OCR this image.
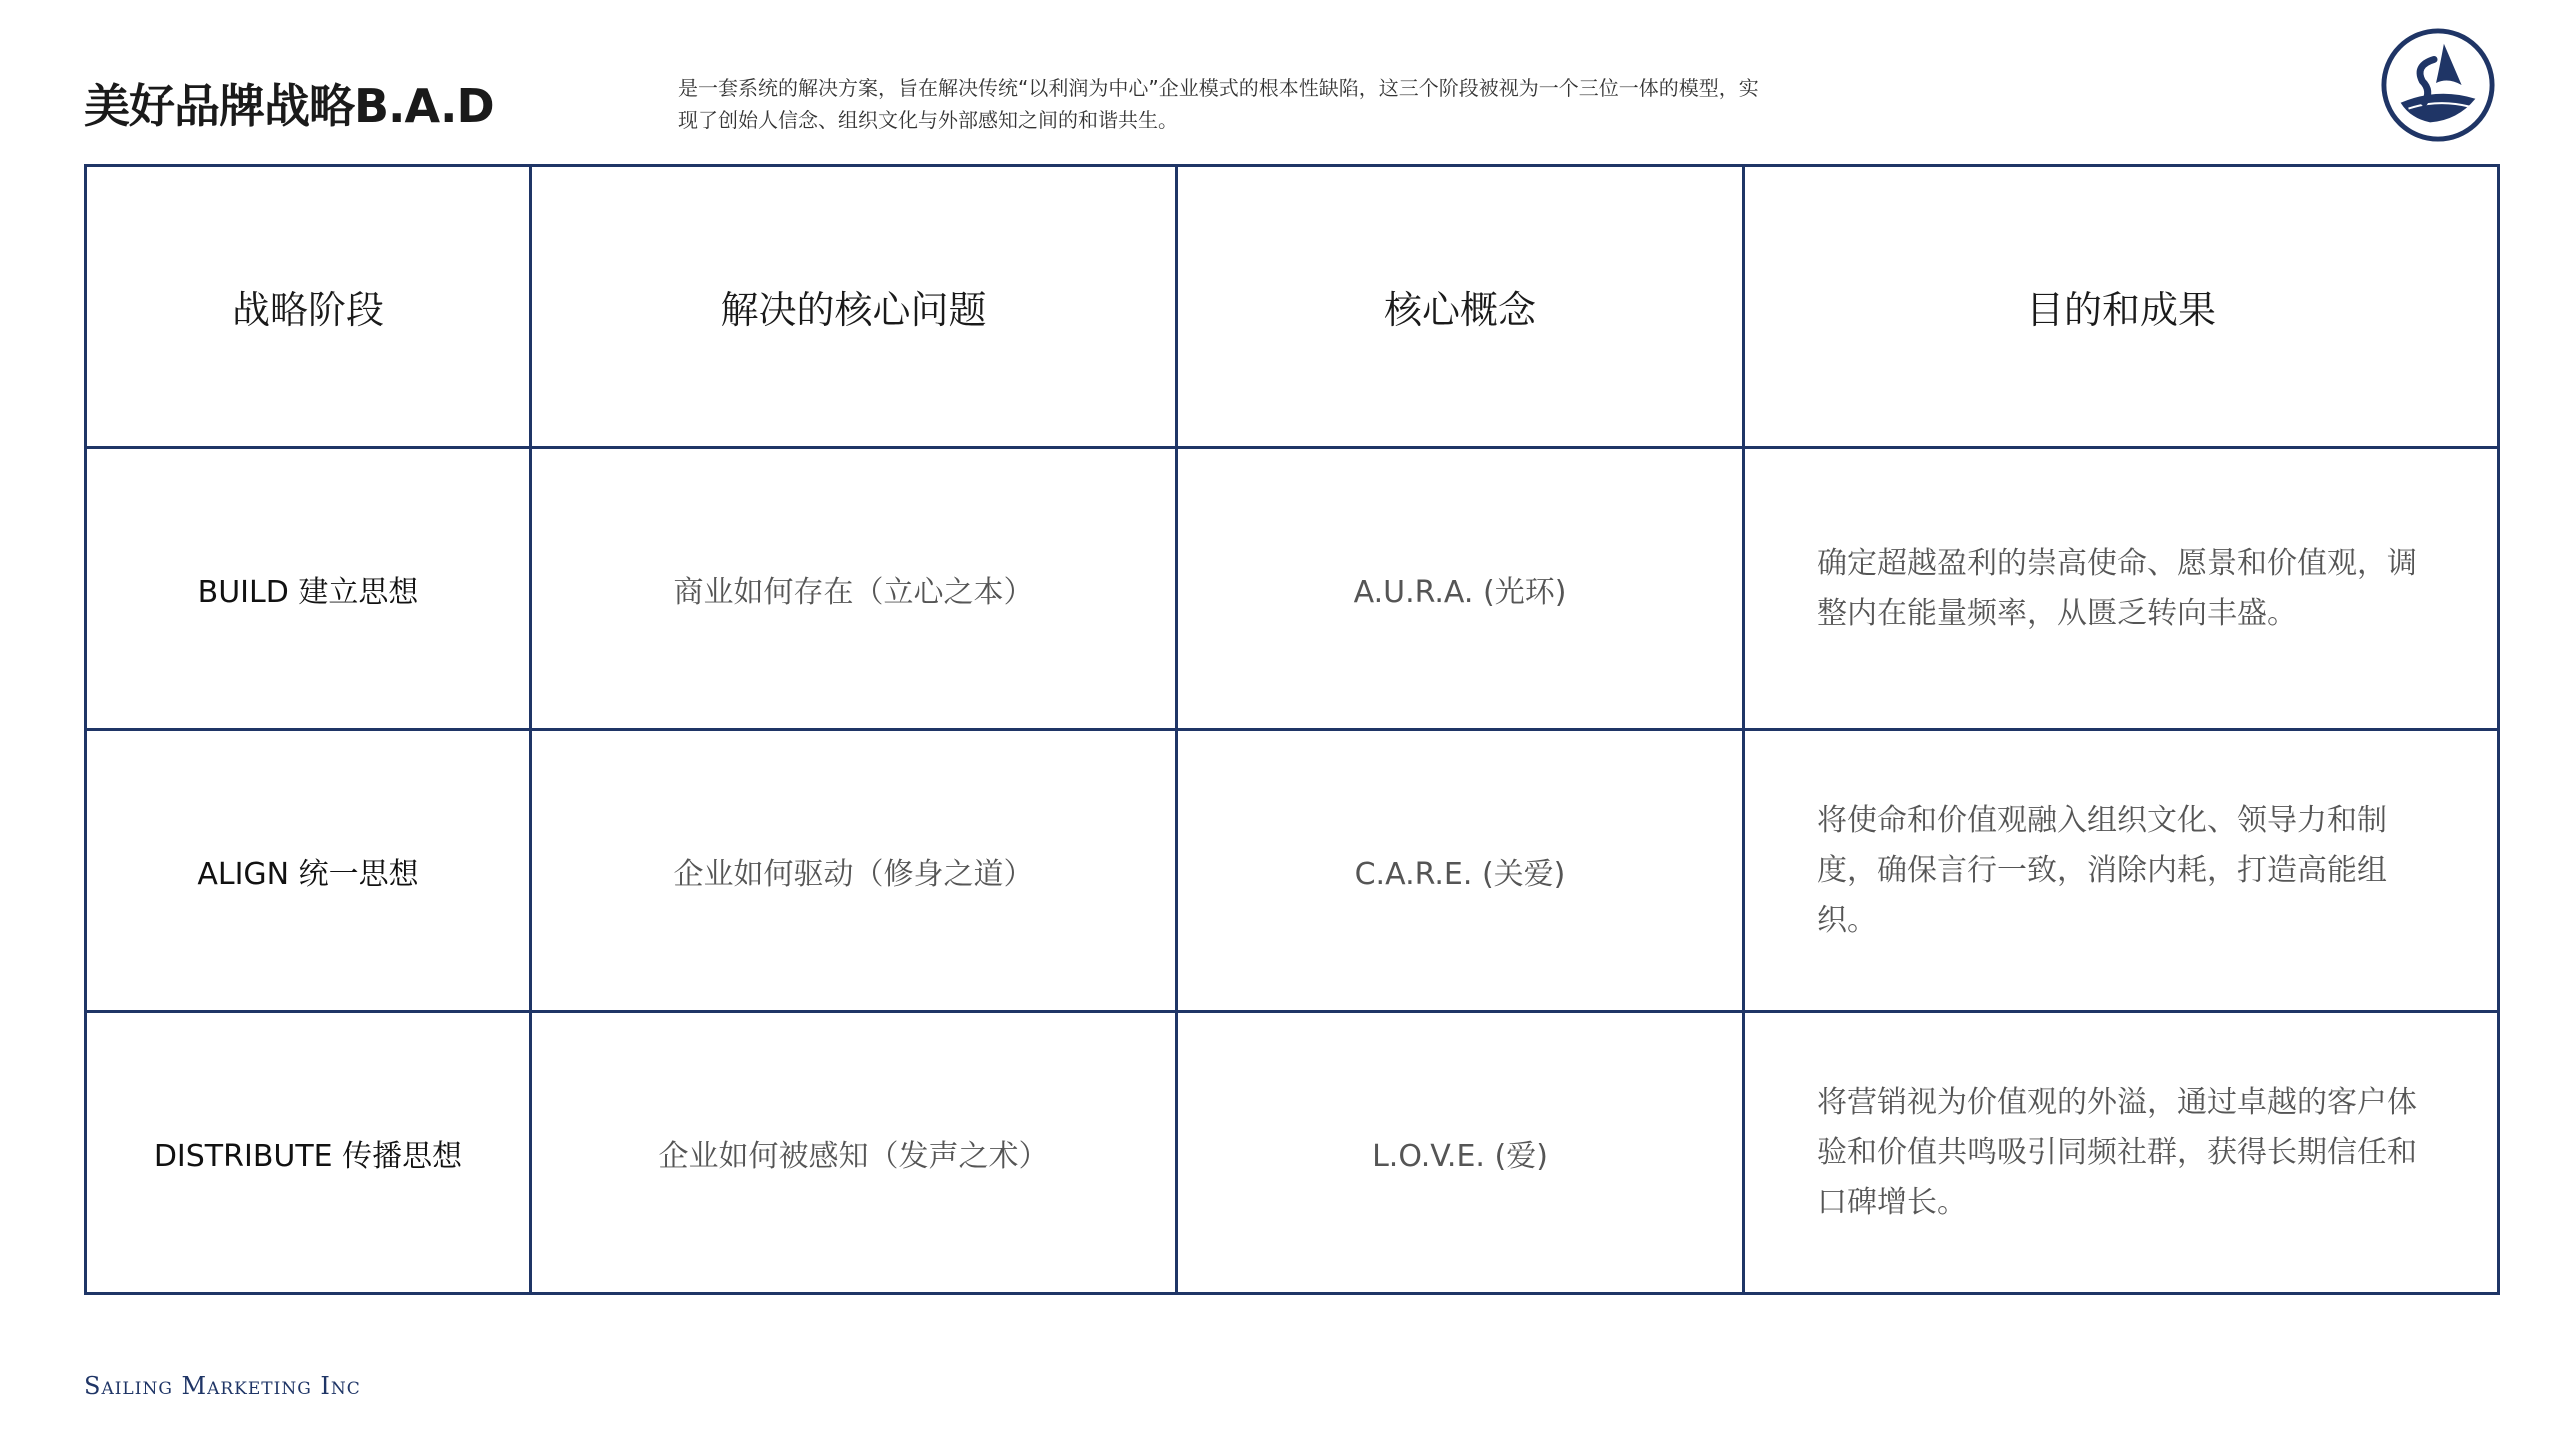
美好品牌战略B.A.D	是一套系统的解决方案，旨在解决传统“以利润为中心”企业模式的根本性缺陷，这三个阶段被视为一个三位一体的模型，实现了创始人信念、组织文化与外部感知之间的和谐共生。
战略阶段	解决的核心问题	核心概念	目的和成果
BUILD 建立思想	商业如何存在（立心之本）	A.U.R.A. (光环)	确定超越盈利的崇高使命、愿景和价值观，调整内在能量频率，从匮乏转向丰盛。
ALIGN 统一思想	企业如何驱动（修身之道）	C.A.R.E. (关爱)	将使命和价值观融入组织文化、领导力和制度，确保言行一致，消除内耗，打造高能组织。
DISTRIBUTE 传播思想	企业如何被感知（发声之术）	L.O.V.E. (爱)	将营销视为价值观的外溢，通过卓越的客户体验和价值共鸣吸引同频社群，获得长期信任和口碑增长。
Sailing Marketing Inc
